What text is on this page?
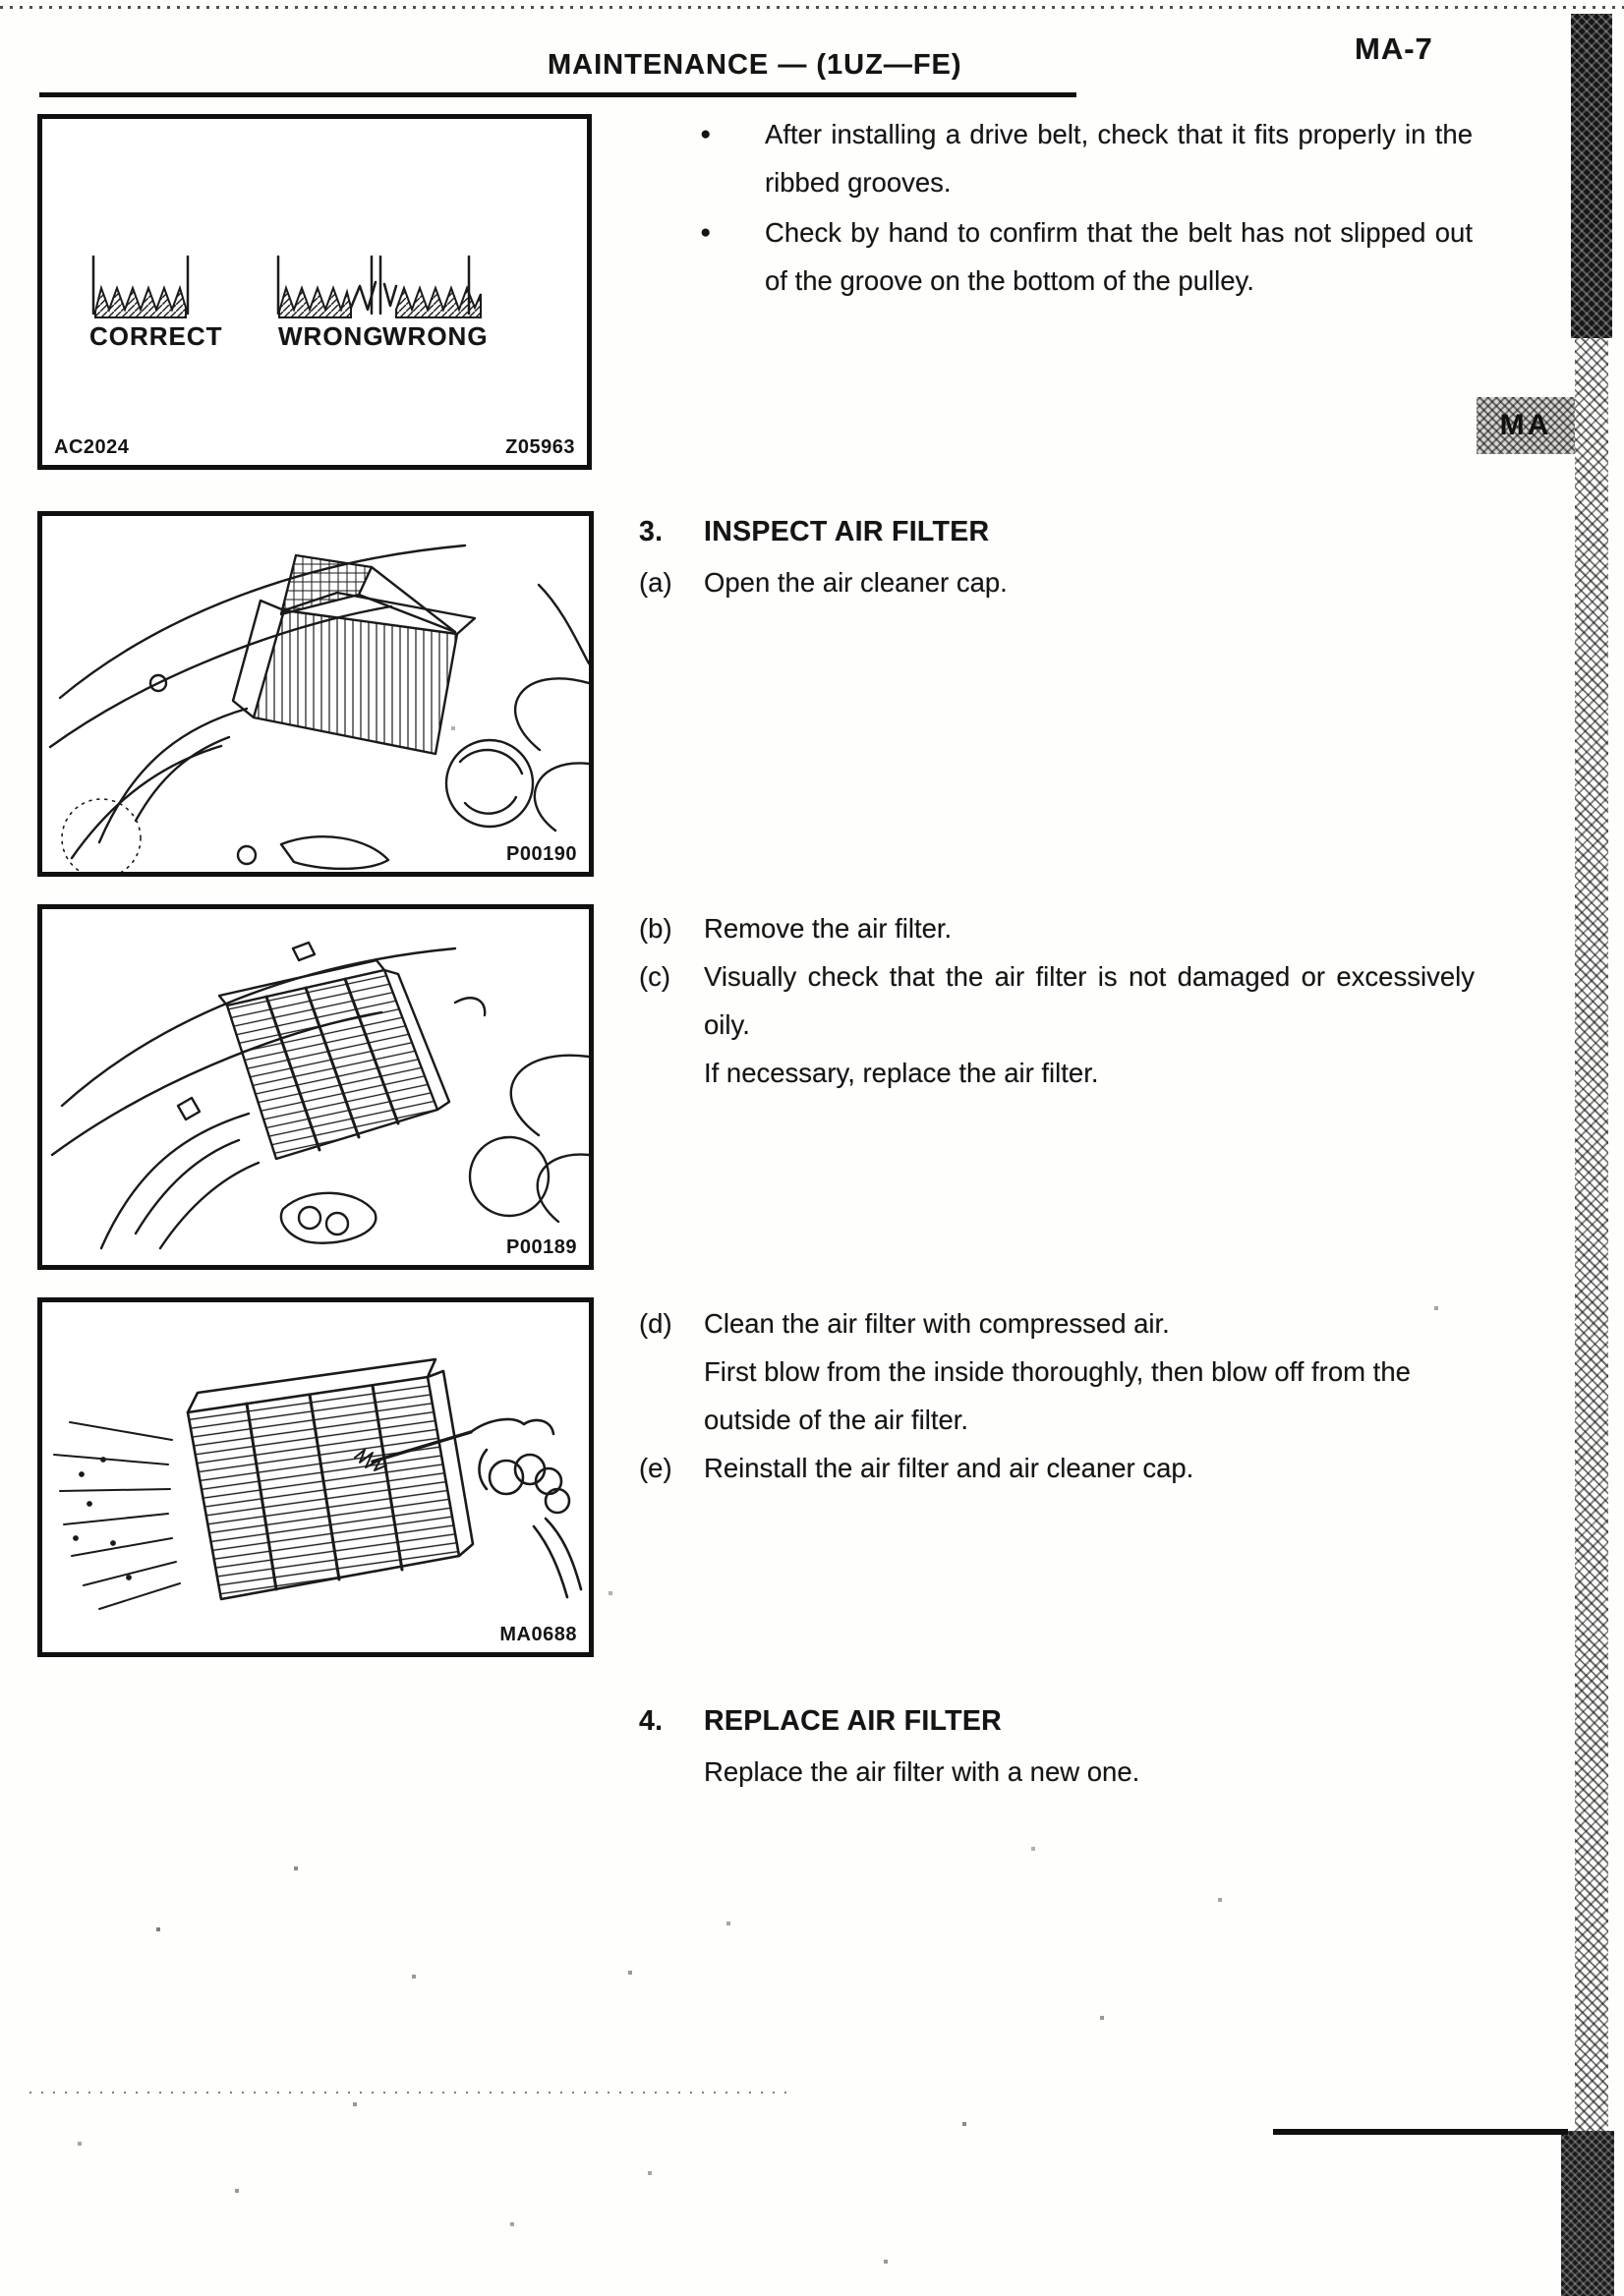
MAINTENANCE — (1UZ—FE)	MA-7
MA
CORRECT WRONG
WRONG
AC2024	Z05963
P00190
P00189
MA0688
●	After installing a drive belt, check that it fits properly in the ribbed grooves.
●	Check by hand to confirm that the belt has not slipped out of the groove on the bottom of the pulley.
3.	INSPECT AIR FILTER
(a)	Open the air cleaner cap.

(b)	Remove the air filter.

(c)	Visually check that the air filter is not damaged or excessively oily.

If necessary, replace the air filter.

(d)	Clean the air filter with compressed air.

First blow from the inside thoroughly, then blow off from the outside of the air filter.

(e)	Reinstall the air filter and air cleaner cap.

4.	REPLACE AIR FILTER

Replace the air filter with a new one.
